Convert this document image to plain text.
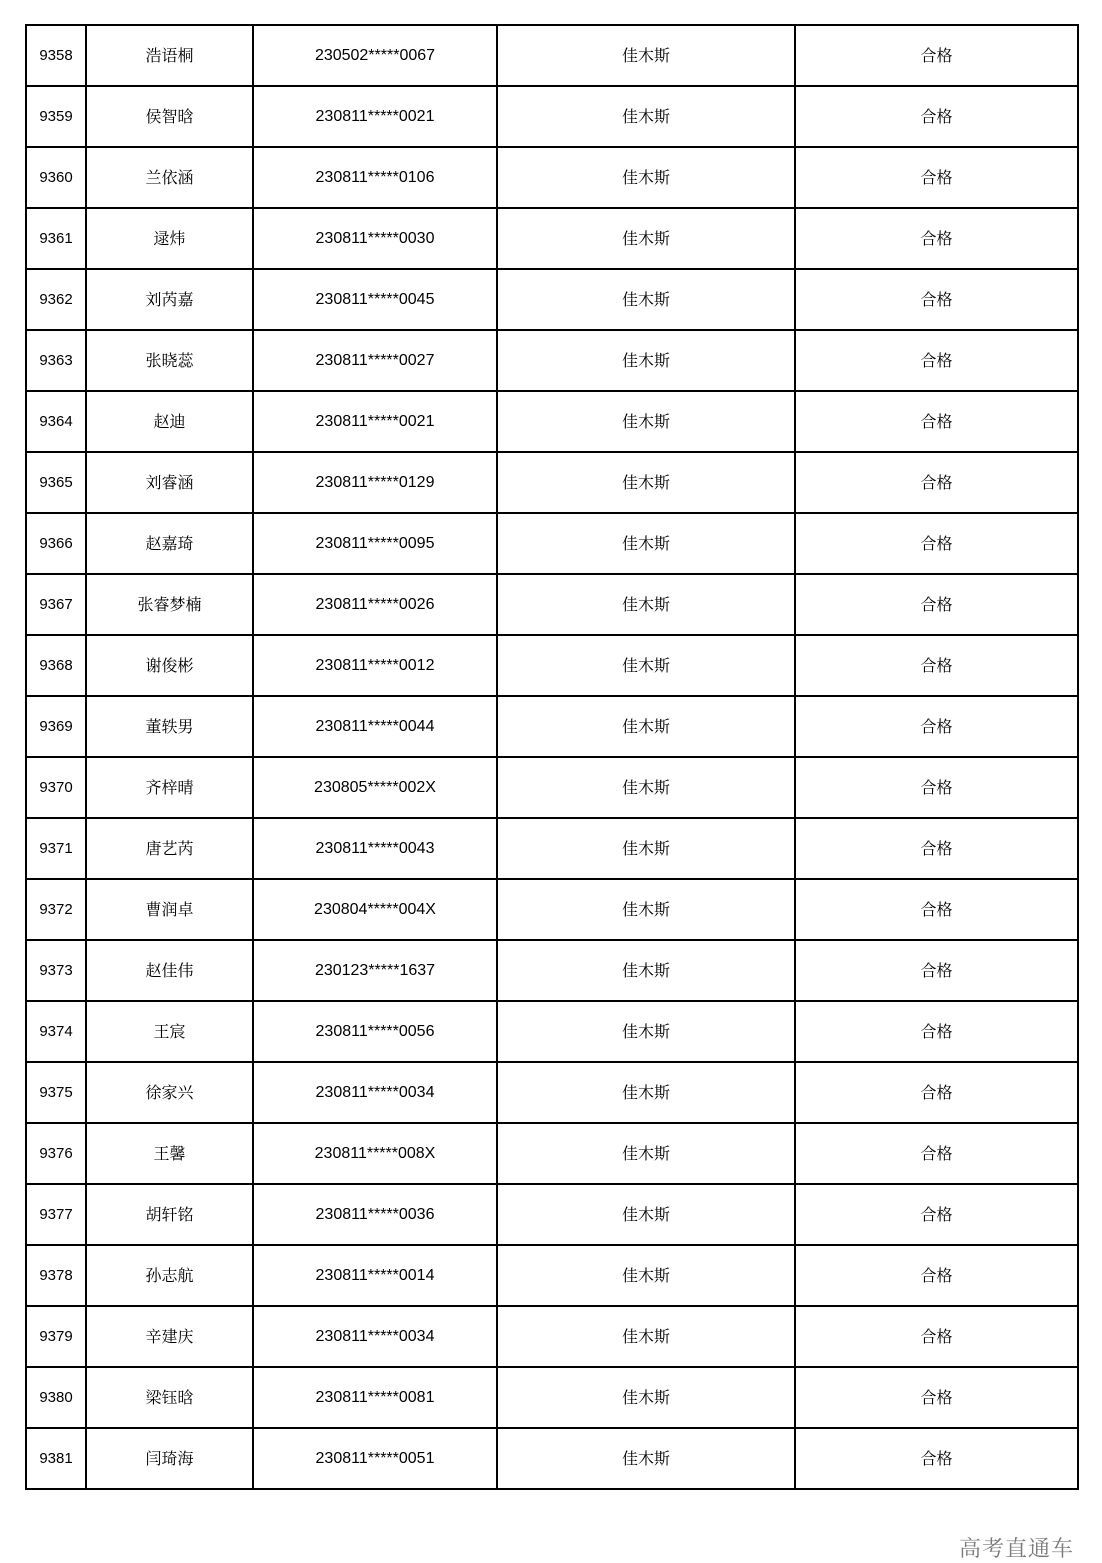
9358	浩语桐	230502*****0067	佳木斯	合格
9359	侯智晗	230811*****0021	佳木斯	合格
9360	兰依涵	230811*****0106	佳木斯	合格
9361	逯炜	230811*****0030	佳木斯	合格
9362	刘芮嘉	230811*****0045	佳木斯	合格
9363	张晓蕊	230811*****0027	佳木斯	合格
9364	赵迪	230811*****0021	佳木斯	合格
9365	刘睿涵	230811*****0129	佳木斯	合格
9366	赵嘉琦	230811*****0095	佳木斯	合格
9367	张睿梦楠	230811*****0026	佳木斯	合格
9368	谢俊彬	230811*****0012	佳木斯	合格
9369	董轶男	230811*****0044	佳木斯	合格
9370	齐梓晴	230805*****002X	佳木斯	合格
9371	唐艺芮	230811*****0043	佳木斯	合格
9372	曹润卓	230804*****004X	佳木斯	合格
9373	赵佳伟	230123*****1637	佳木斯	合格
9374	王宸	230811*****0056	佳木斯	合格
9375	徐家兴	230811*****0034	佳木斯	合格
9376	王馨	230811*****008X	佳木斯	合格
9377	胡轩铭	230811*****0036	佳木斯	合格
9378	孙志航	230811*****0014	佳木斯	合格
9379	辛建庆	230811*****0034	佳木斯	合格
9380	梁钰晗	230811*****0081	佳木斯	合格
9381	闫琦海	230811*****0051	佳木斯	合格
高考直通车
